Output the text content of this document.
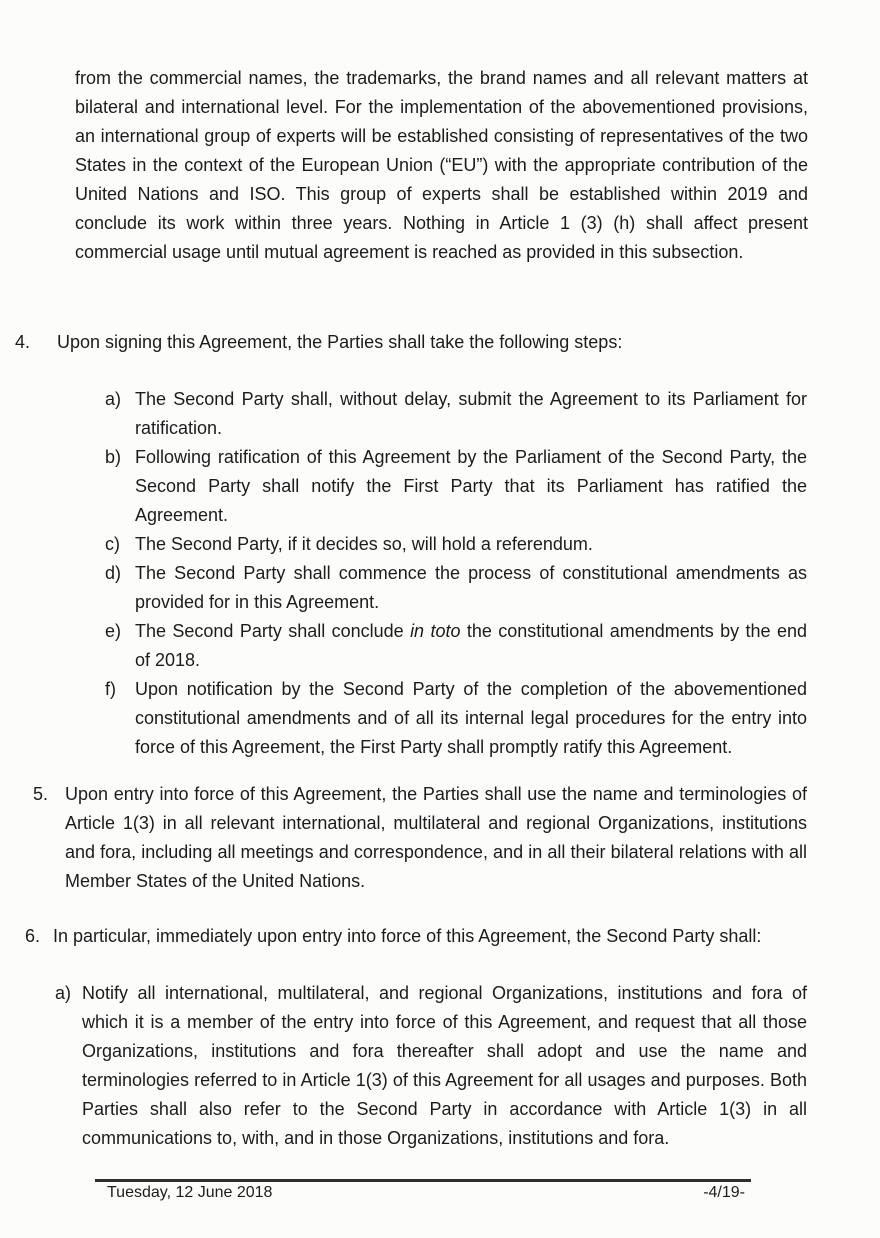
from the commercial names, the trademarks, the brand names and all relevant matters at bilateral and international level. For the implementation of the abovementioned provisions, an international group of experts will be established consisting of representatives of the two States in the context of the European Union (“EU”) with the appropriate contribution of the United Nations and ISO. This group of experts shall be established within 2019 and conclude its work within three years. Nothing in Article 1 (3) (h) shall affect present commercial usage until mutual agreement is reached as provided in this subsection.

4.	Upon signing this Agreement, the Parties shall take the following steps:
a) The Second Party shall, without delay, submit the Agreement to its Parliament for ratification.
b) Following ratification of this Agreement by the Parliament of the Second Party, the Second Party shall notify the First Party that its Parliament has ratified the Agreement.
c) The Second Party, if it decides so, will hold a referendum.
d) The Second Party shall commence the process of constitutional amendments as provided for in this Agreement.
e) The Second Party shall conclude in toto the constitutional amendments by the end of 2018.
f)	Upon notification by the Second Party of the completion of the abovementioned constitutional amendments and of all its internal legal procedures for the entry into force of this Agreement, the First Party shall promptly ratify this Agreement.
5. Upon entry into force of this Agreement, the Parties shall use the name and terminologies of Article 1(3) in all relevant international, multilateral and regional Organizations, institutions and fora, including all meetings and correspondence, and in all their bilateral relations with all Member States of the United Nations.
6. In particular, immediately upon entry into force of this Agreement, the Second Party shall:
a) Notify all international, multilateral, and regional Organizations, institutions and fora of which it is a member of the entry into force of this Agreement, and request that all those Organizations, institutions and fora thereafter shall adopt and use the name and terminologies referred to in Article 1(3) of this Agreement for all usages and purposes. Both Parties shall also refer to the Second Party in accordance with Article 1(3) in all communications to, with, and in those Organizations, institutions and fora.
Tuesday, 12 June 2018	-4/19-
